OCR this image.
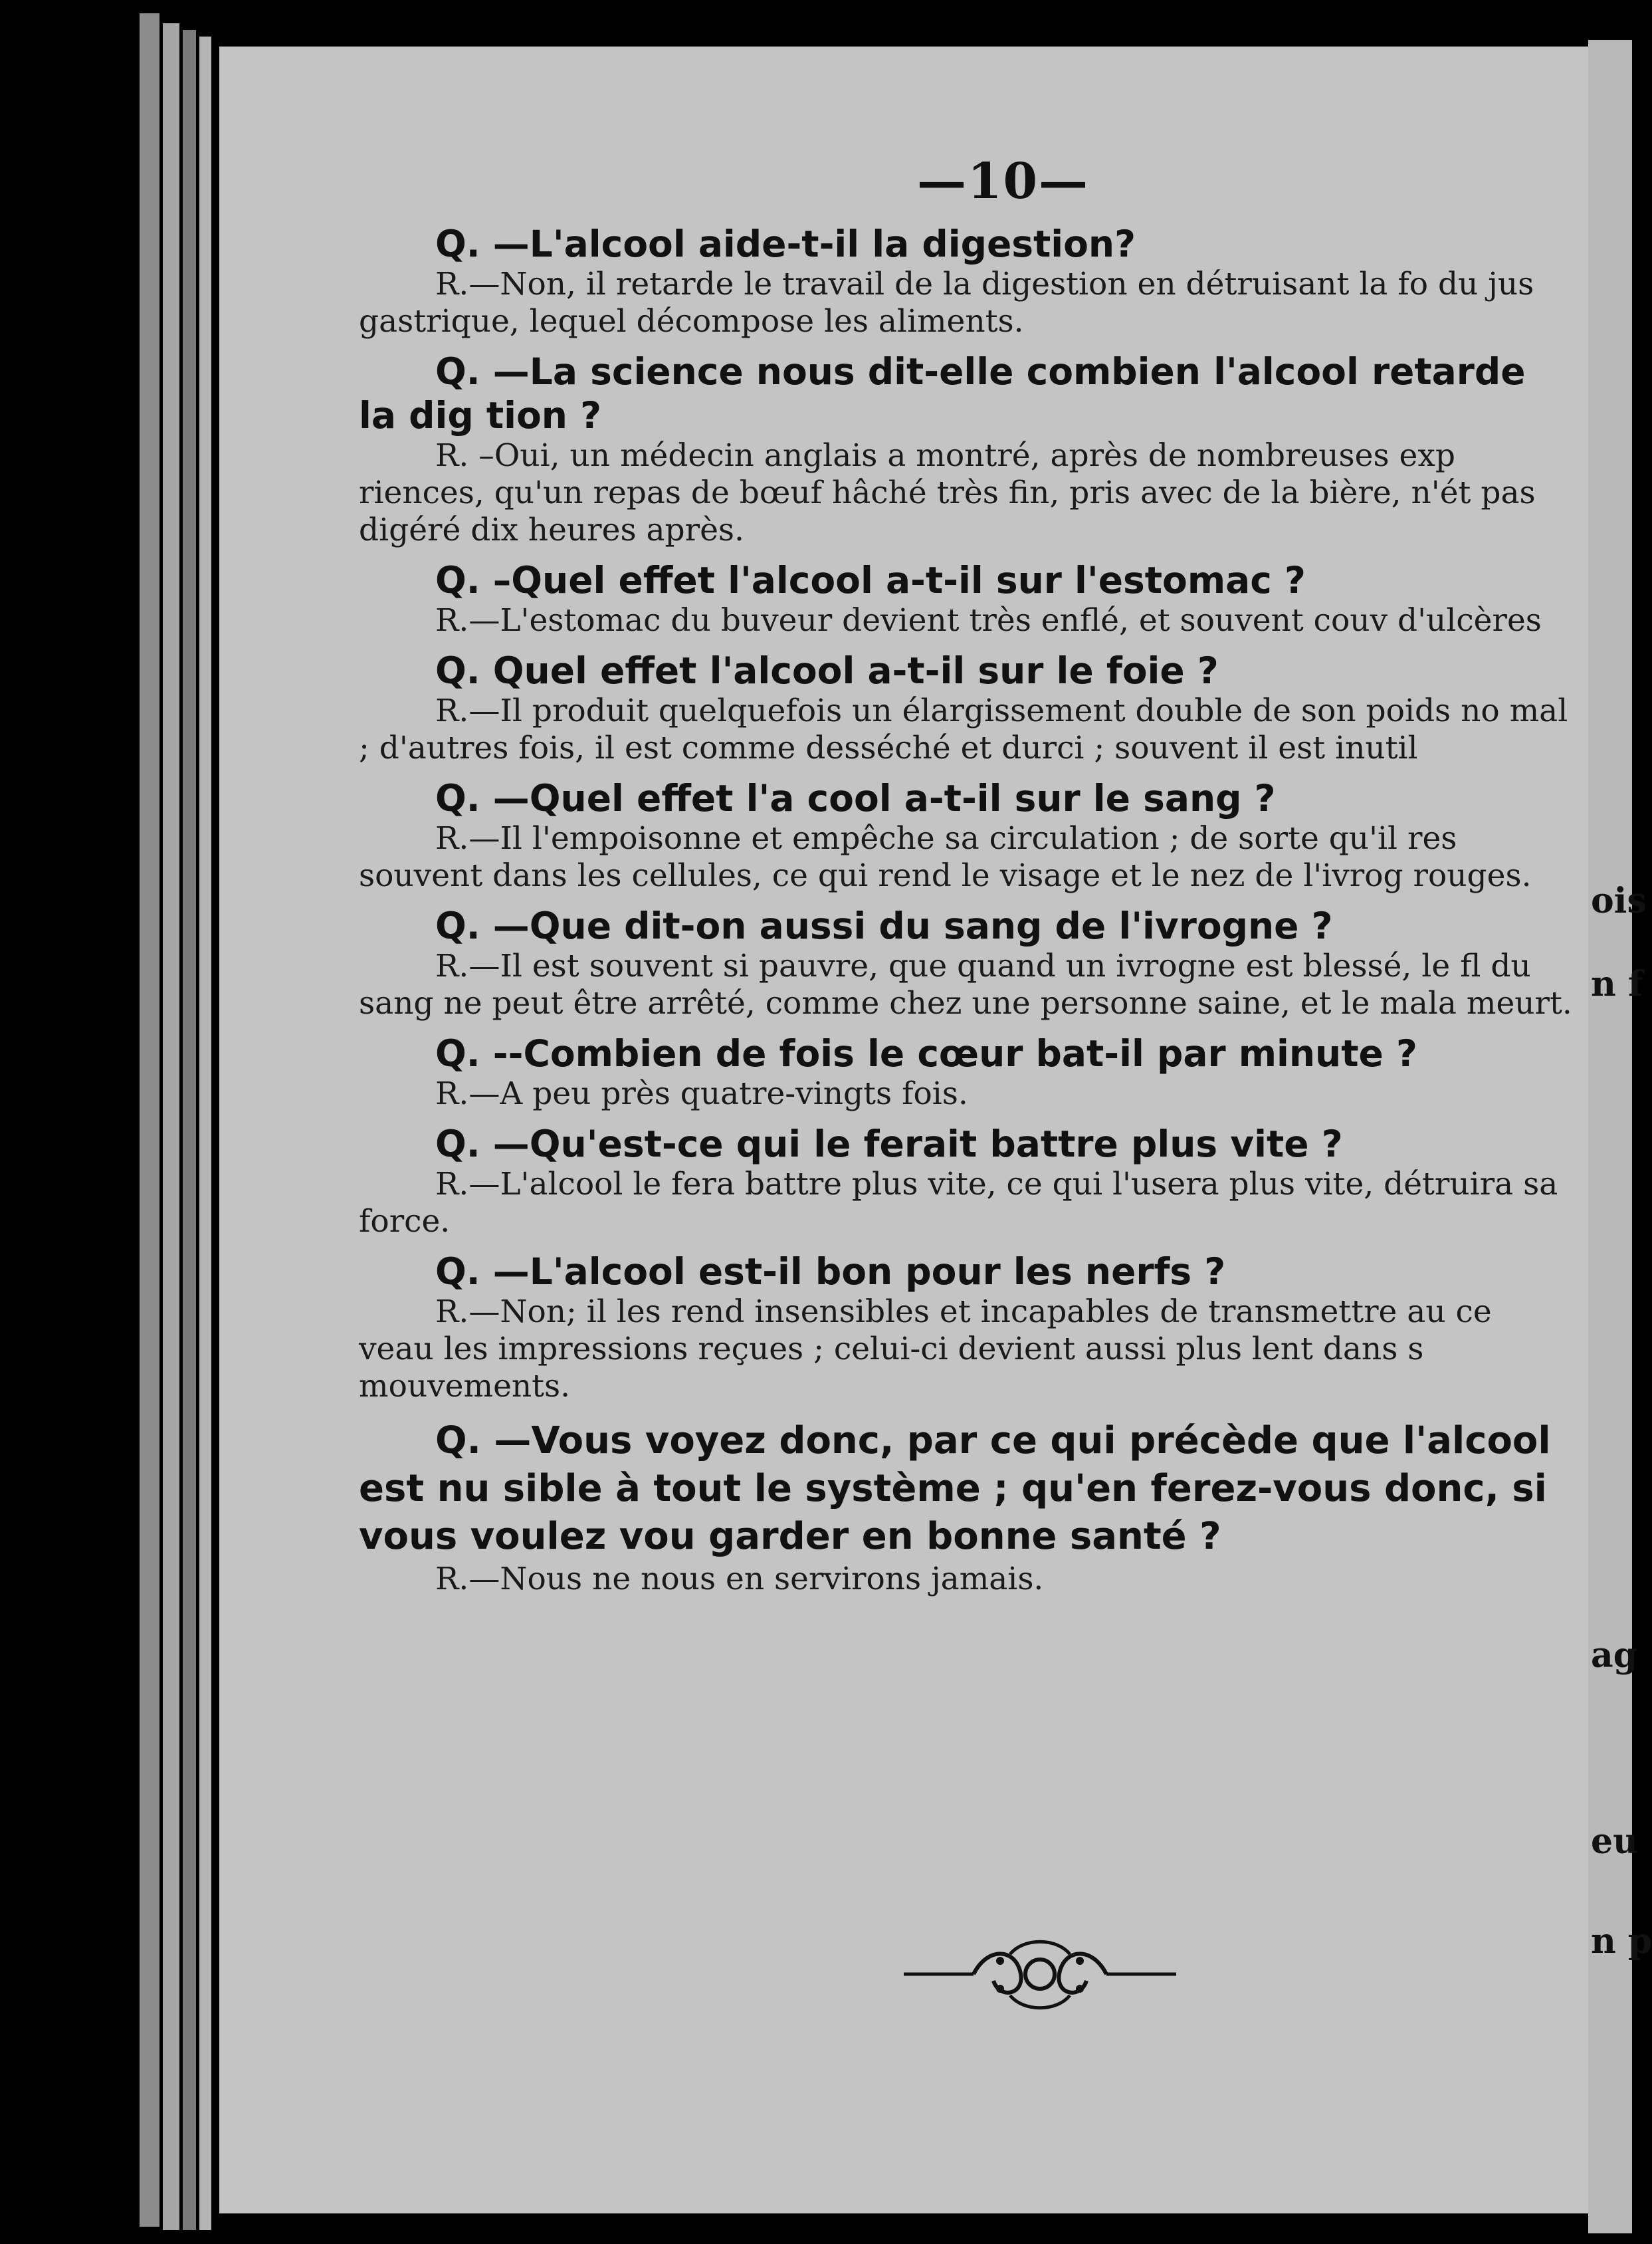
—10—
Q. —L'alcool aide-t-il la digestion?
R.—Non, il retarde le travail de la digestion en détruisant la fo du jus gastrique, lequel décompose les aliments.
Q. —La science nous dit-elle combien l'alcool retarde la dig tion ?
R. –Oui, un médecin anglais a montré, après de nombreuses exp riences, qu'un repas de bœuf hâché très fin, pris avec de la bière, n'ét pas digéré dix heures après.
Q. –Quel effet l'alcool a-t-il sur l'estomac ?
R.—L'estomac du buveur devient très enflé, et souvent couv d'ulcères
Q. Quel effet l'alcool a-t-il sur le foie ?
R.—Il produit quelquefois un élargissement double de son poids no mal ; d'autres fois, il est comme desséché et durci ; souvent il est inutil
Q. —Quel effet l'a cool a-t-il sur le sang ?
R.—Il l'empoisonne et empêche sa circulation ; de sorte qu'il res souvent dans les cellules, ce qui rend le visage et le nez de l'ivrog rouges.
Q. —Que dit-on aussi du sang de l'ivrogne ?
R.—Il est souvent si pauvre, que quand un ivrogne est blessé, le fl du sang ne peut être arrêté, comme chez une personne saine, et le mala meurt.
Q. --Combien de fois le cœur bat-il par minute ?
R.—A peu près quatre-vingts fois.
Q. —Qu'est-ce qui le ferait battre plus vite ?
R.—L'alcool le fera battre plus vite, ce qui l'usera plus vite, détruira sa force.
Q. —L'alcool est-il bon pour les nerfs ?
R.—Non; il les rend insensibles et incapables de transmettre au ce veau les impressions reçues ; celui-ci devient aussi plus lent dans s mouvements.
Q. —Vous voyez donc, par ce qui précède que l'alcool est nu sible à tout le système ; qu'en ferez-vous donc, si vous voulez vou garder en bonne santé ?
R.—Nous ne nous en servirons jamais.
ois
n f
ag
eu
n p
